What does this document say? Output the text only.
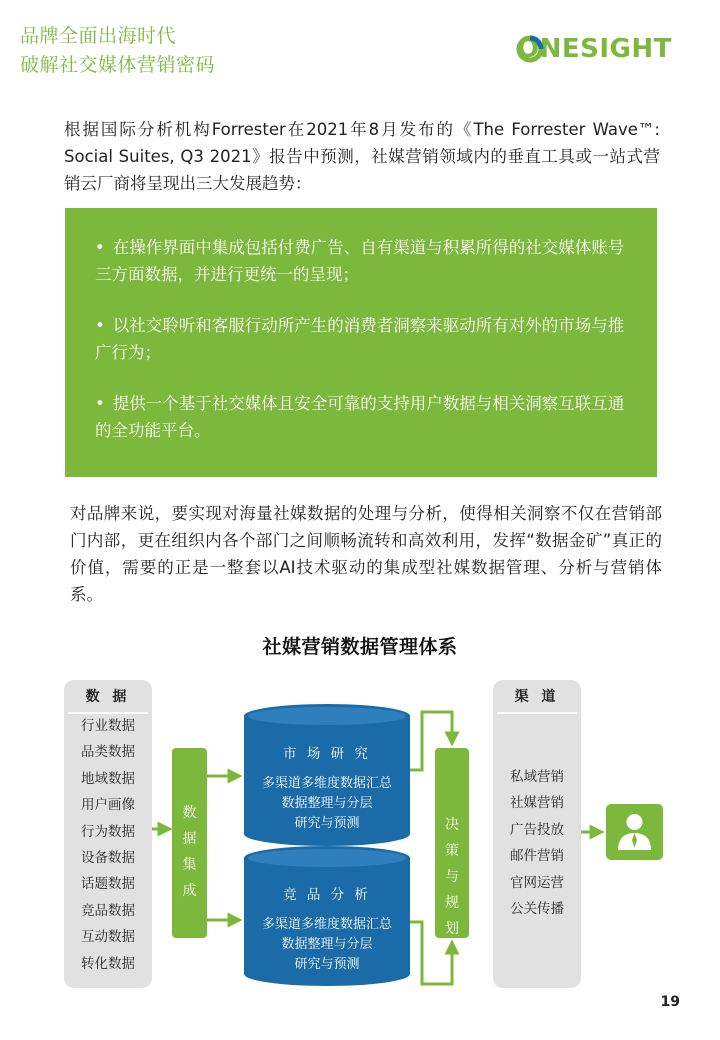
品牌全面出海时代
破解社交媒体营销密码
ONESIGHT

根据国际分析机构Forrester在2021年8月发布的《The Forrester Wave™: Social Suites, Q3 2021》报告中预测，社媒营销领域内的垂直工具或一站式营销云厂商将呈现出三大发展趋势：

• 在操作界面中集成包括付费广告、自有渠道与积累所得的社交媒体账号三方面数据，并进行更统一的呈现；
• 以社交聆听和客服行动所产生的消费者洞察来驱动所有对外的市场与推广行为；
• 提供一个基于社交媒体且安全可靠的支持用户数据与相关洞察互联互通的全功能平台。

对品牌来说，要实现对海量社媒数据的处理与分析，使得相关洞察不仅在营销部门内部，更在组织内各个部门之间顺畅流转和高效利用，发挥“数据金矿”真正的价值，需要的正是一整套以AI技术驱动的集成型社媒数据管理、分析与营销体系。

社媒营销数据管理体系
数 据
行业数据
品类数据
地域数据
用户画像
行为数据
设备数据
话题数据
竞品数据
互动数据
转化数据
渠 道
私域营销
社媒营销
广告投放
邮件营销
官网运营
公关传播
市 场 研 究
多渠道多维度数据汇总
数据整理与分层
研究与预测
竞 品 分 析
多渠道多维度数据汇总
数据整理与分层
研究与预测
数
据
集
成
决
策
与
规
划
19
